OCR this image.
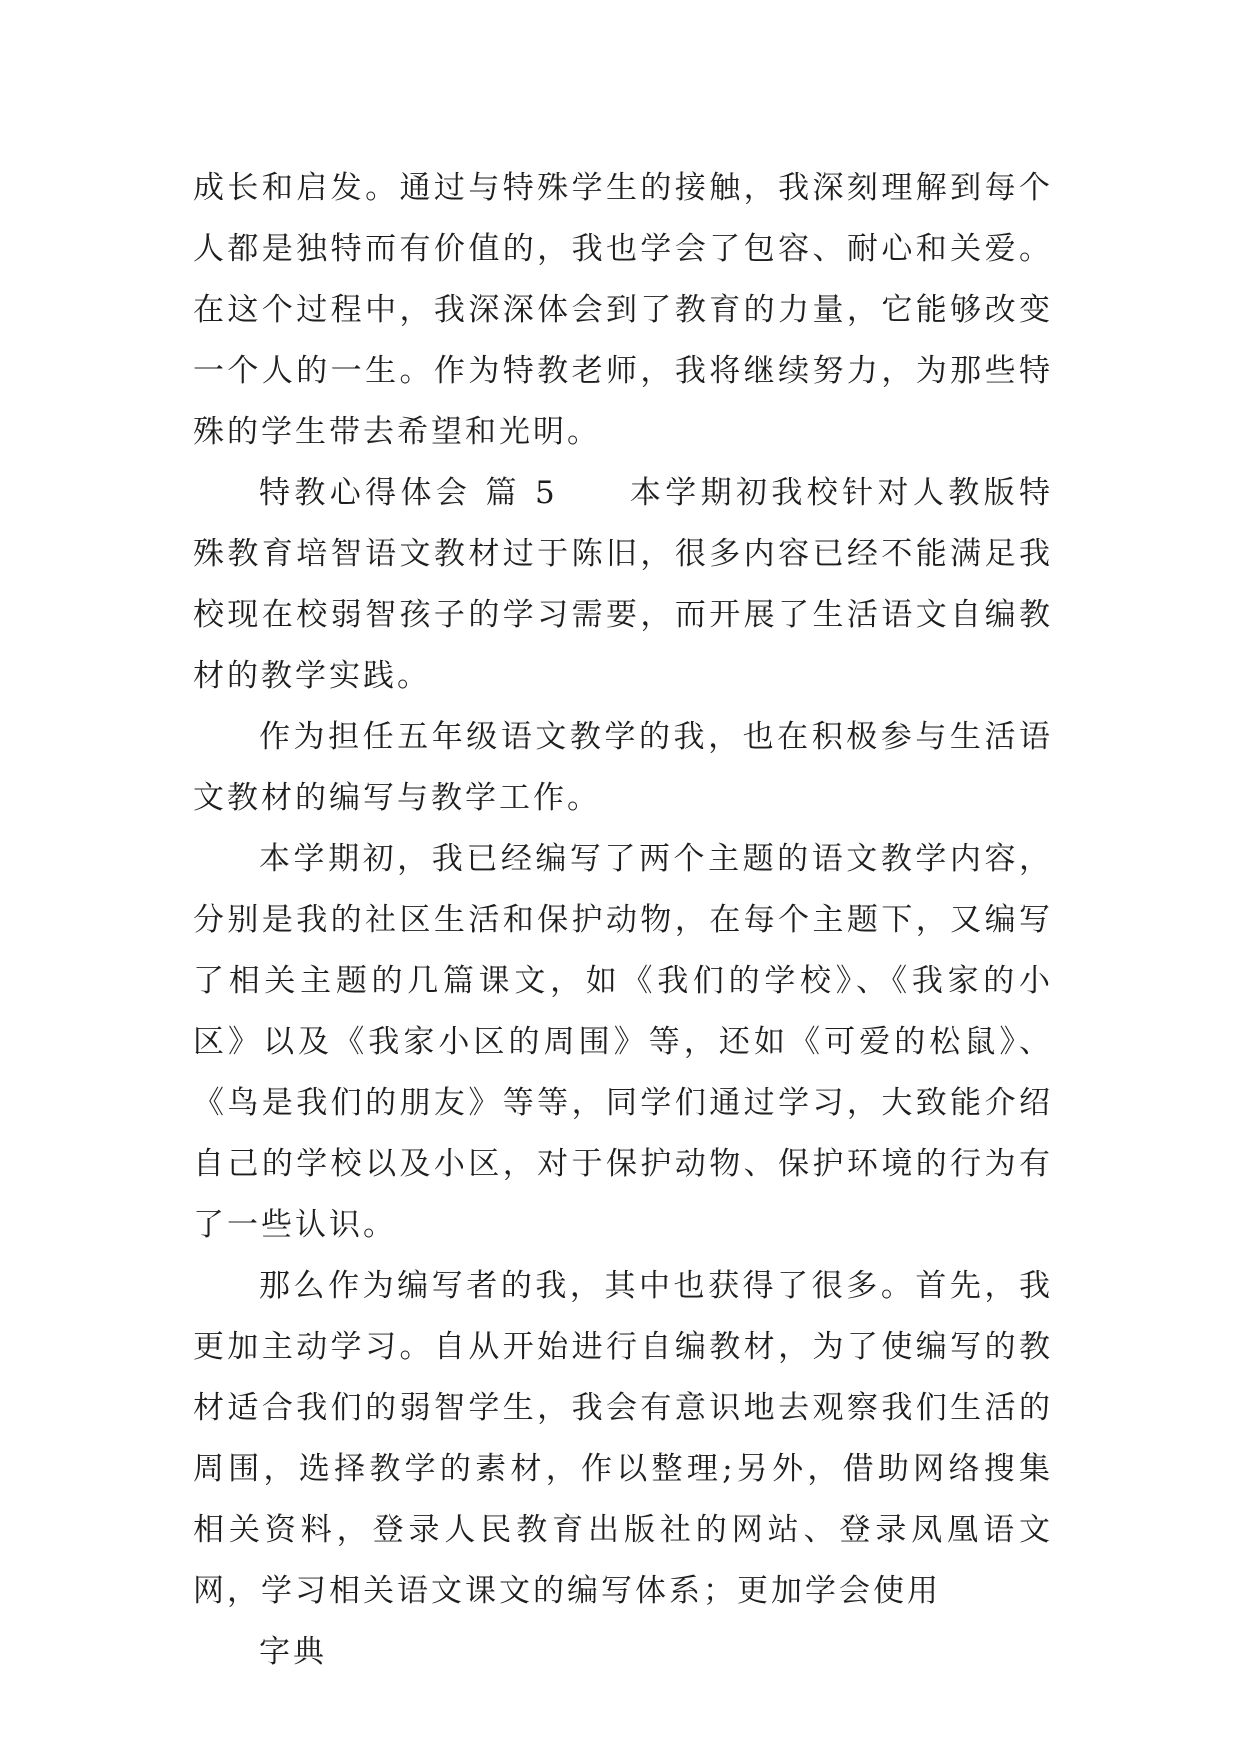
成长和启发。通过与特殊学生的接触，我深刻理解到每个人都是独特而有价值的，我也学会了包容、耐心和关爱。在这个过程中，我深深体会到了教育的力量，它能够改变一个人的一生。作为特教老师，我将继续努力，为那些特殊的学生带去希望和光明。

特教心得体会 篇 5　　本学期初我校针对人教版特殊教育培智语文教材过于陈旧，很多内容已经不能满足我校现在校弱智孩子的学习需要，而开展了生活语文自编教材的教学实践。

作为担任五年级语文教学的我，也在积极参与生活语文教材的编写与教学工作。

本学期初，我已经编写了两个主题的语文教学内容，分别是我的社区生活和保护动物，在每个主题下，又编写了相关主题的几篇课文，如《我们的学校》、《我家的小区》以及《我家小区的周围》等，还如《可爱的松鼠》、《鸟是我们的朋友》等等，同学们通过学习，大致能介绍自己的学校以及小区，对于保护动物、保护环境的行为有了一些认识。

那么作为编写者的我，其中也获得了很多。首先，我更加主动学习。自从开始进行自编教材，为了使编写的教材适合我们的弱智学生，我会有意识地去观察我们生活的周围，选择教学的素材，作以整理;另外，借助网络搜集相关资料，登录人民教育出版社的网站、登录凤凰语文网，学习相关语文课文的编写体系；更加学会使用

字典
